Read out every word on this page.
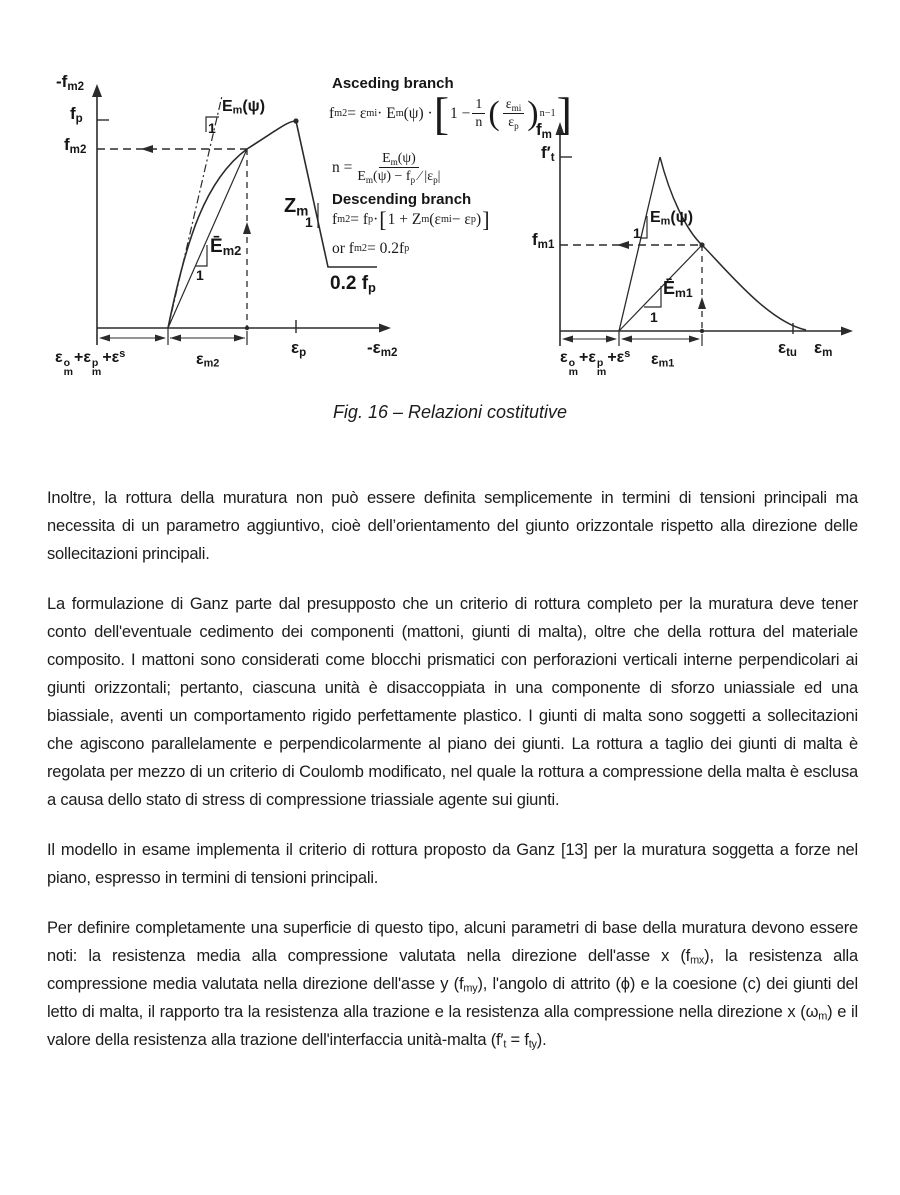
$-f_{m2}$
$f_p$
$f_{m2}$
$E_m(\psi)$
1
$Z_m$
1
$Ē_{m2}$
1	0.2 $f_p$
$\varepsilon_p$	$-\varepsilon_{m2}$
ε o
m
+ε p
m
$+\varepsilon^s$	$\varepsilon_{m2}$
Asceding branch
f m2 = ε mi · E m (ψ) · [ $1 - \frac{1}{n}$ ( $\frac{\varepsilon_{mi}}{\varepsilon_p}$ ) n−1 ]
$n = \frac{E_m(\psi)}{E_m(\psi) - f_p ∕ |\varepsilon_p|}$
Descending branch
f m2 = f p · [ 1 + Z m (ε mi − ε p ) ]
or f m2 = 0.2f p
$f_m$
$f'_t$
$f_{m1}$
$E_m(\psi)$
1
$Ē_{m1}$
1
$\varepsilon_{tu}$ $\varepsilon_m$
ε o
m
+ε p
m
$+\varepsilon^s$ $\varepsilon_{m1}$
Fig. 16 – Relazioni costitutive

Inoltre, la rottura della muratura non può essere definita semplicemente in termini di tensioni principali ma necessita di un parametro aggiuntivo, cioè dell’orientamento del giunto orizzontale rispetto alla direzione delle sollecitazioni principali.

La formulazione di Ganz parte dal presupposto che un criterio di rottura completo per la muratura deve tener conto dell'eventuale cedimento dei componenti (mattoni, giunti di malta), oltre che della rottura del materiale composito. I mattoni sono considerati come blocchi prismatici con perforazioni verticali interne perpendicolari ai giunti orizzontali; pertanto, ciascuna unità è disaccoppiata in una componente di sforzo uniassiale ed una biassiale, aventi un comportamento rigido perfettamente plastico. I giunti di malta sono soggetti a sollecitazioni che agiscono parallelamente e perpendicolarmente al piano dei giunti. La rottura a taglio dei giunti di malta è regolata per mezzo di un criterio di Coulomb modificato, nel quale la rottura a compressione della malta è esclusa a causa dello stato di stress di compressione triassiale agente sui giunti.

Il modello in esame implementa il criterio di rottura proposto da Ganz [13] per la muratura soggetta a forze nel piano, espresso in termini di tensioni principali.

Per definire completamente una superficie di questo tipo, alcuni parametri di base della muratura devono essere noti: la resistenza media alla compressione valutata nella direzione dell'asse x $(f_{mx})$, la resistenza alla compressione media valutata nella direzione dell'asse y $(f_{my})$, l'angolo di attrito (ϕ) e la coesione (c) dei giunti del letto di malta, il rapporto tra la resistenza alla trazione e la resistenza alla compressione nella direzione x $(\omega_m)$ e il valore della resistenza alla trazione dell'interfaccia unità-malta $(f'_t = f_{ty})$.
